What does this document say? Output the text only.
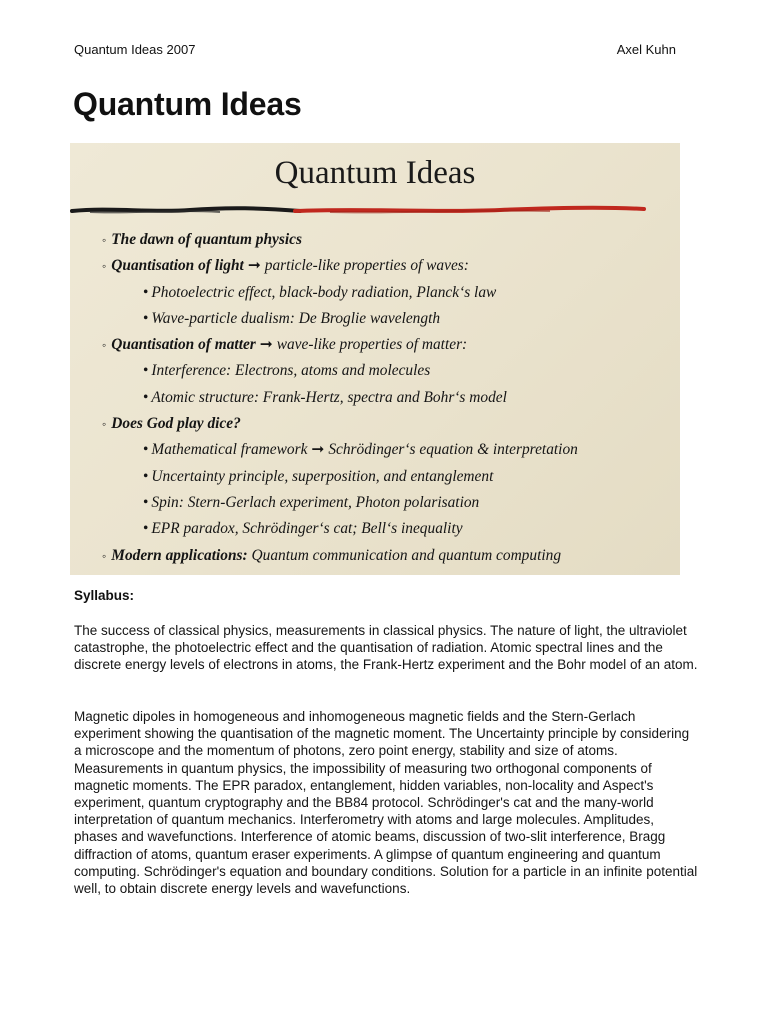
Quantum Ideas 2007	Axel Kuhn
Quantum Ideas
Quantum Ideas
◦ The dawn of quantum physics
◦ Quantisation of light ➞ particle-like properties of waves:
• Photoelectric effect, black-body radiation, Planck‘s law
• Wave-particle dualism: De Broglie wavelength
◦ Quantisation of matter ➞ wave-like properties of matter:
• Interference: Electrons, atoms and molecules
• Atomic structure: Frank-Hertz, spectra and Bohr‘s model
◦ Does God play dice?
• Mathematical framework ➞ Schrödinger‘s equation & interpretation
• Uncertainty principle, superposition, and entanglement
• Spin: Stern-Gerlach experiment, Photon polarisation
• EPR paradox, Schrödinger‘s cat; Bell‘s inequality
◦ Modern applications: Quantum communication and quantum computing

Syllabus:

The success of classical physics, measurements in classical physics. The nature of light, the ultraviolet catastrophe, the photoelectric effect and the quantisation of radiation. Atomic spectral lines and the discrete energy levels of electrons in atoms, the Frank-Hertz experiment and the Bohr model of an atom.

Magnetic dipoles in homogeneous and inhomogeneous magnetic fields and the Stern-Gerlach experiment showing the quantisation of the magnetic moment. The Uncertainty principle by considering a microscope and the momentum of photons, zero point energy, stability and size of atoms. Measurements in quantum physics, the impossibility of measuring two orthogonal components of magnetic moments. The EPR paradox, entanglement, hidden variables, non-locality and Aspect's experiment, quantum cryptography and the BB84 protocol. Schrödinger's cat and the many-world interpretation of quantum mechanics. Interferometry with atoms and large molecules. Amplitudes, phases and wavefunctions. Interference of atomic beams, discussion of two-slit interference, Bragg diffraction of atoms, quantum eraser experiments. A glimpse of quantum engineering and quantum computing. Schrödinger's equation and boundary conditions. Solution for a particle in an infinite potential well, to obtain discrete energy levels and wavefunctions.
